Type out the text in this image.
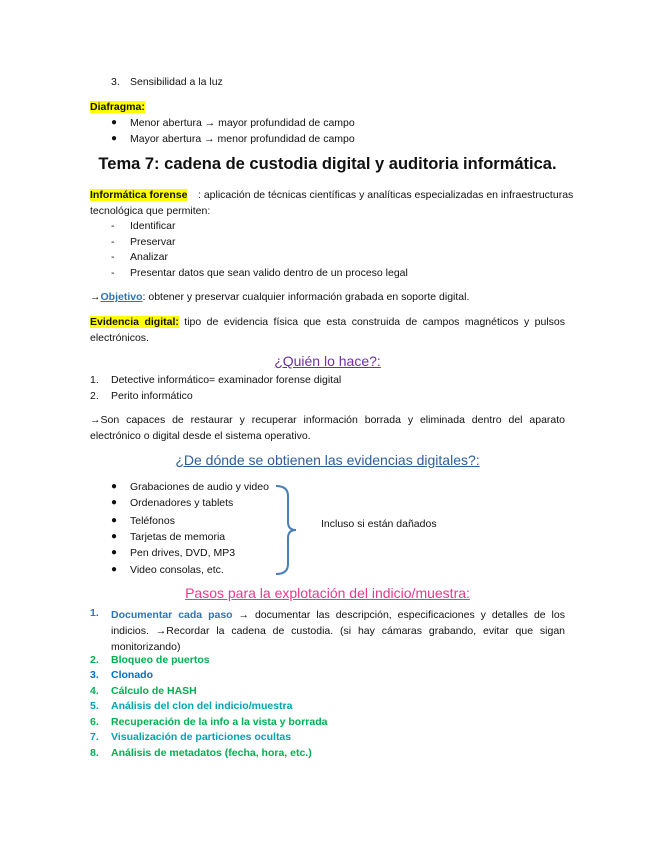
3. Sensibilidad a la luz
Diafragma:
● Menor abertura → mayor profundidad de campo
● Mayor abertura → menor profundidad de campo
Tema 7: cadena de custodia digital y auditoria informática.
Informática forense : aplicación de técnicas científicas y analíticas especializadas en infraestructuras
tecnológica que permiten:
- Identificar
- Preservar
- Analizar
- Presentar datos que sean valido dentro de un proceso legal
→Objetivo: obtener y preservar cualquier información grabada en soporte digital.
Evidencia digital: tipo de evidencia física que esta construida de campos magnéticos y pulsos electrónicos.
¿Quién lo hace?:
1. Detective informático= examinador forense digital
2. Perito informático
→Son capaces de restaurar y recuperar información borrada y eliminada dentro del aparato electrónico o digital desde el sistema operativo.
¿De dónde se obtienen las evidencias digitales?:
● Grabaciones de audio y video
● Ordenadores y tablets
● Teléfonos
● Tarjetas de memoria
● Pen drives, DVD, MP3
● Video consolas, etc.
Incluso si están dañados
Pasos para la explotación del indicio/muestra:
1. Documentar cada paso → documentar las descripción, especificaciones y detalles de los indicios. →Recordar la cadena de custodia. (si hay cámaras grabando, evitar que sigan monitorizando)
2. Bloqueo de puertos
3. Clonado
4. Cálculo de HASH
5. Análisis del clon del indicio/muestra
6. Recuperación de la info a la vista y borrada
7. Visualización de particiones ocultas
8. Análisis de metadatos (fecha, hora, etc.)
